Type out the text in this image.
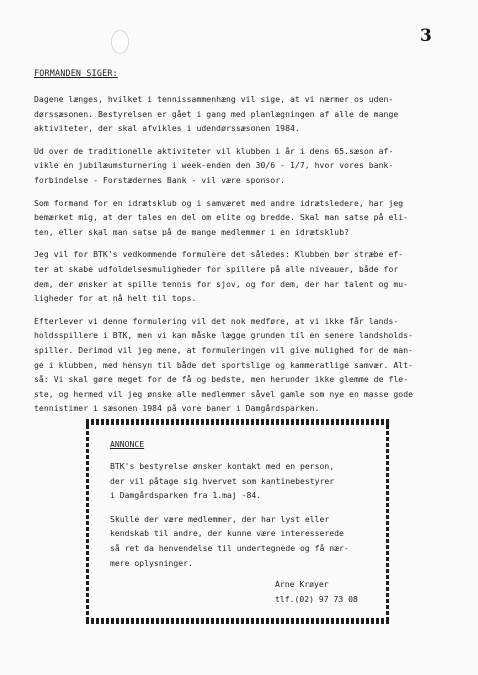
3
FORMANDEN SIGER:
Dagene længes, hvilket i tennissammenhæng vil sige, at vi nærmer os uden-
dørssæsonen. Bestyrelsen er gået i gang med planlægningen af alle de mange
aktiviteter, der skal afvikles i udendørssæsonen 1984.
Ud over de traditionelle aktiviteter vil klubben i år i dens 65.sæson af-
vikle en jubilæumsturnering i week-enden den 30/6 - 1/7, hvor vores bank-
forbindelse - Forstædernes Bank - vil være sponsor.
Som formand for en idrætsklub og i samværet med andre idrætsledere, har jeg
bemærket mig, at der tales en del om elite og bredde. Skal man satse på eli-
ten, eller skal man satse på de mange medlemmer i en idrætsklub?
Jeg vil for BTK's vedkommende formulere det således: Klubben bør stræbe ef-
ter at skabe udfoldelsesmuligheder for spillere på alle niveauer, både for
dem, der ønsker at spille tennis for sjov, og for dem, der har talent og mu-
ligheder for at nå helt til tops.
Efterlever vi denne formulering vil det nok medføre, at vi ikke får lands-
holdsspillere i BTK, men vi kan måske lægge grunden til en senere landsholds-
spiller. Derimod vil jeg mene, at formuleringen vil give mulighed for de man-
ge i klubben, med hensyn til både det sportslige og kammeratlige samvær. Alt-
så: Vi skal gøre meget for de få og bedste, men herunder ikke glemme de fle-
ste, og hermed vil jeg ønske alle medlemmer såvel gamle som nye en masse gode
tennistimer i sæsonen 1984 på vore baner i Damgårdsparken.
ANNONCE
BTK's bestyrelse ønsker kontakt med en person,
der vil påtage sig hvervet som kantinebestyrer
i Damgårdsparken fra 1.maj -84.
Skulle der være medlemmer, der har lyst eller
kendskab til andre, der kunne være interesserede
så ret da henvendelse til undertegnede og få nær-
mere oplysninger.
Arne Krøyer
tlf.(02) 97 73 08
